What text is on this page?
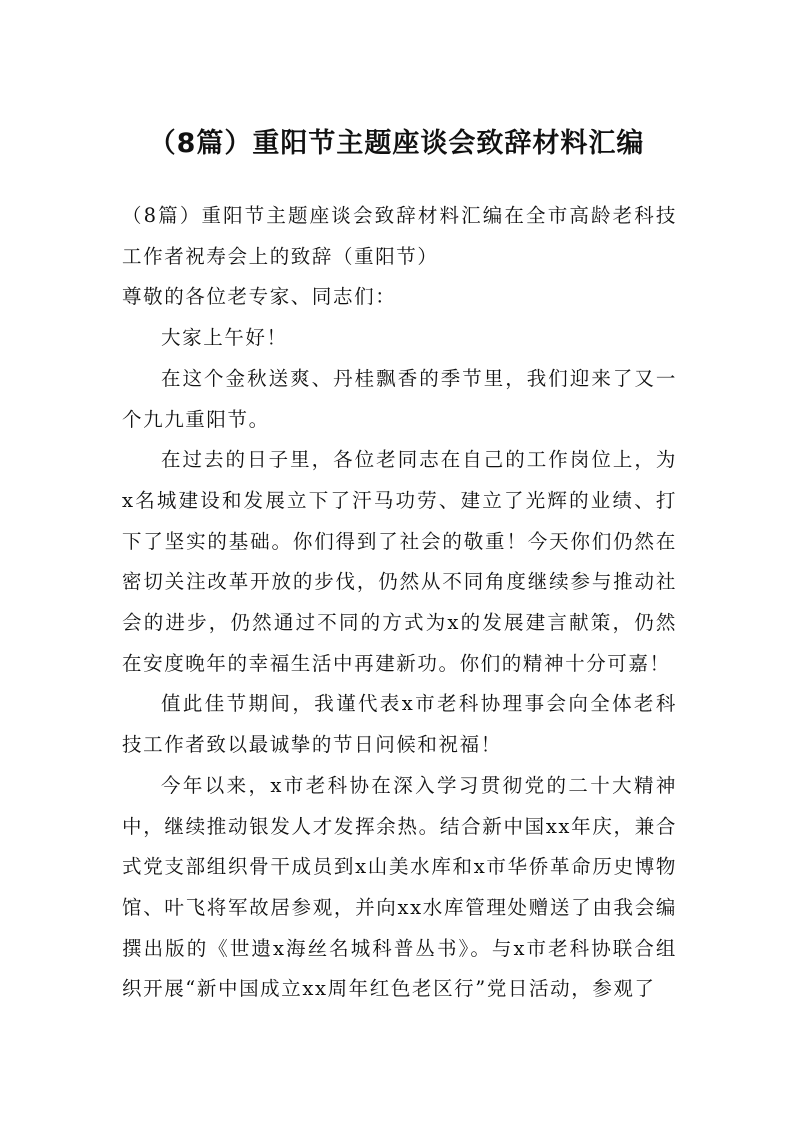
（8篇）重阳节主题座谈会致辞材料汇编

（8篇）重阳节主题座谈会致辞材料汇编在全市高龄老科技工作者祝寿会上的致辞（重阳节）

尊敬的各位老专家、同志们：

大家上午好！

在这个金秋送爽、丹桂飘香的季节里，我们迎来了又一个九九重阳节。

在过去的日子里，各位老同志在自己的工作岗位上，为x名城建设和发展立下了汗马功劳、建立了光辉的业绩、打下了坚实的基础。你们得到了社会的敬重！今天你们仍然在密切关注改革开放的步伐，仍然从不同角度继续参与推动社会的进步，仍然通过不同的方式为x的发展建言献策，仍然在安度晚年的幸福生活中再建新功。你们的精神十分可嘉！

值此佳节期间，我谨代表x市老科协理事会向全体老科技工作者致以最诚挚的节日问候和祝福！

今年以来，x市老科协在深入学习贯彻党的二十大精神中，继续推动银发人才发挥余热。结合新中国xx年庆，兼合式党支部组织骨干成员到x山美水库和x市华侨革命历史博物馆、叶飞将军故居参观，并向xx水库管理处赠送了由我会编撰出版的《世遗x海丝名城科普丛书》。与x市老科协联合组织开展“新中国成立xx周年红色老区行”党日活动，参观了
